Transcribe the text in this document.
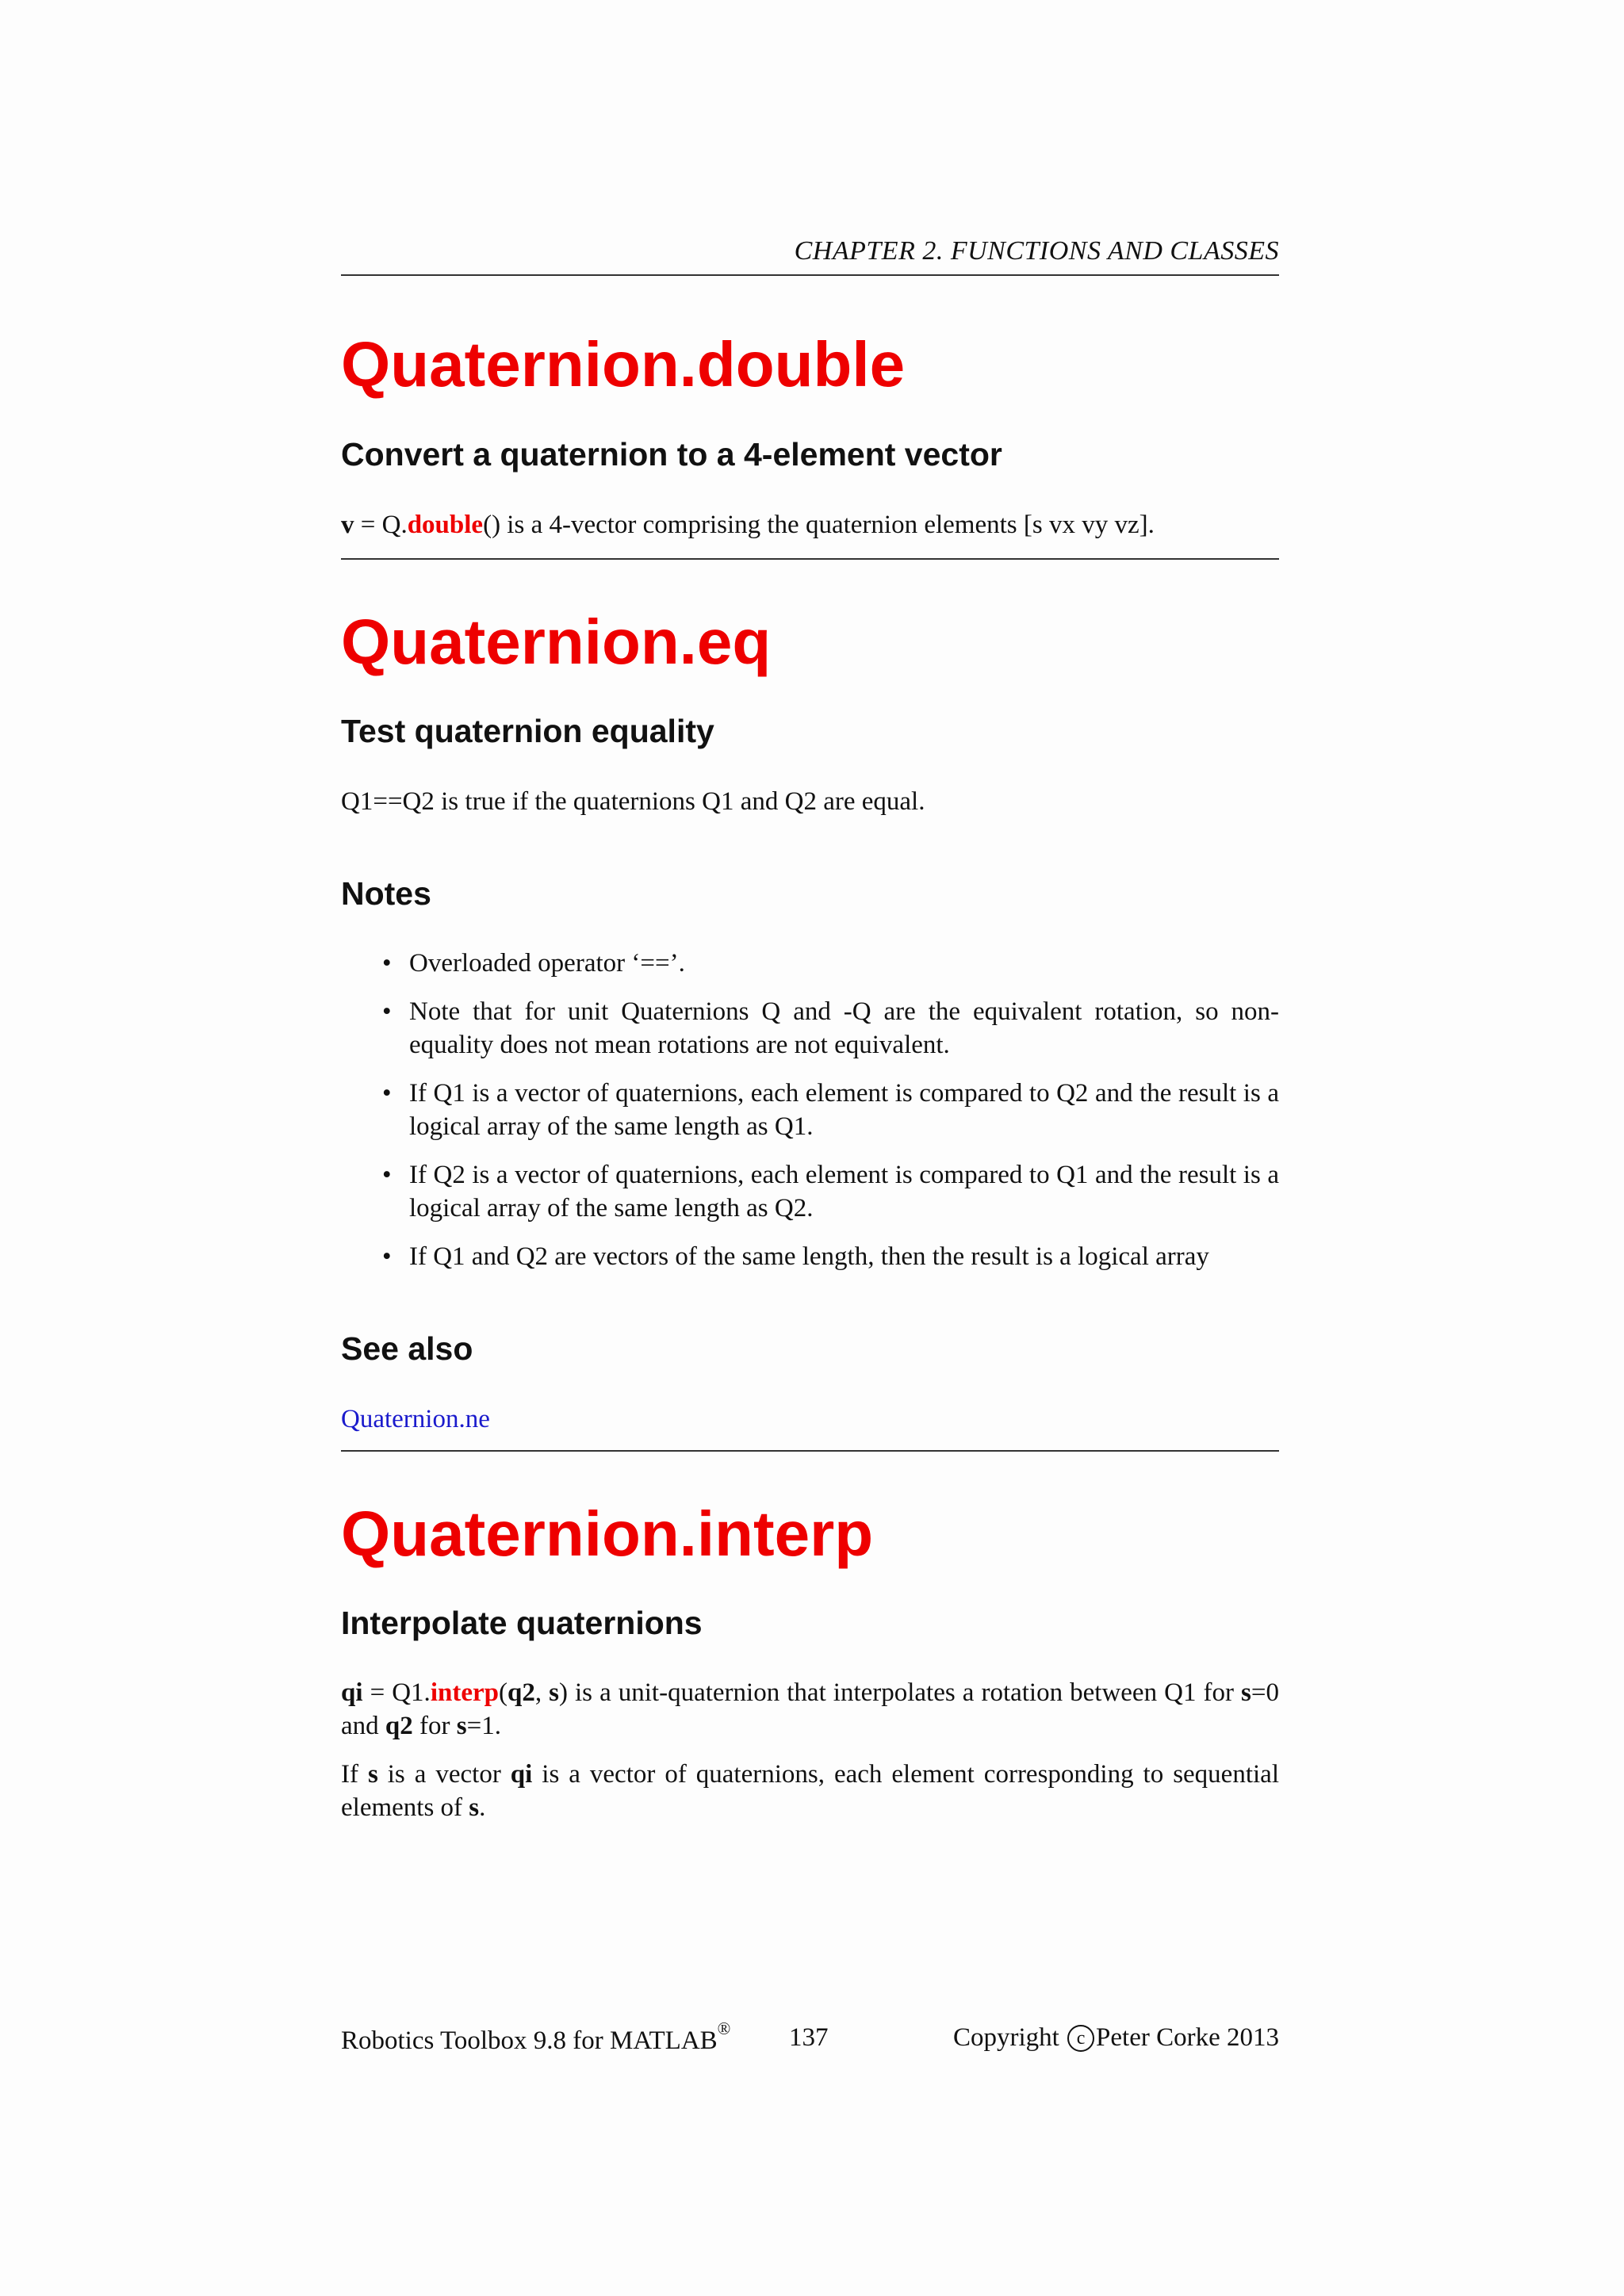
CHAPTER 2. FUNCTIONS AND CLASSES
Quaternion.double
Convert a quaternion to a 4-element vector

v = Q.double() is a 4-vector comprising the quaternion elements [s vx vy vz].

Quaternion.eq
Test quaternion equality

Q1==Q2 is true if the quaternions Q1 and Q2 are equal.

Notes
• Overloaded operator ‘==’.
• Note that for unit Quaternions Q and -Q are the equivalent rotation, so non-equality does not mean rotations are not equivalent.
• If Q1 is a vector of quaternions, each element is compared to Q2 and the result is a logical array of the same length as Q1.
• If Q2 is a vector of quaternions, each element is compared to Q1 and the result is a logical array of the same length as Q2.
• If Q1 and Q2 are vectors of the same length, then the result is a logical array
See also

Quaternion.ne

Quaternion.interp
Interpolate quaternions

qi = Q1.interp(q2, s) is a unit-quaternion that interpolates a rotation between Q1 for s=0 and q2 for s=1.

If s is a vector qi is a vector of quaternions, each element corresponding to sequential elements of s.

Robotics Toolbox 9.8 for MATLAB® 137	Copyright c Peter Corke 2013
